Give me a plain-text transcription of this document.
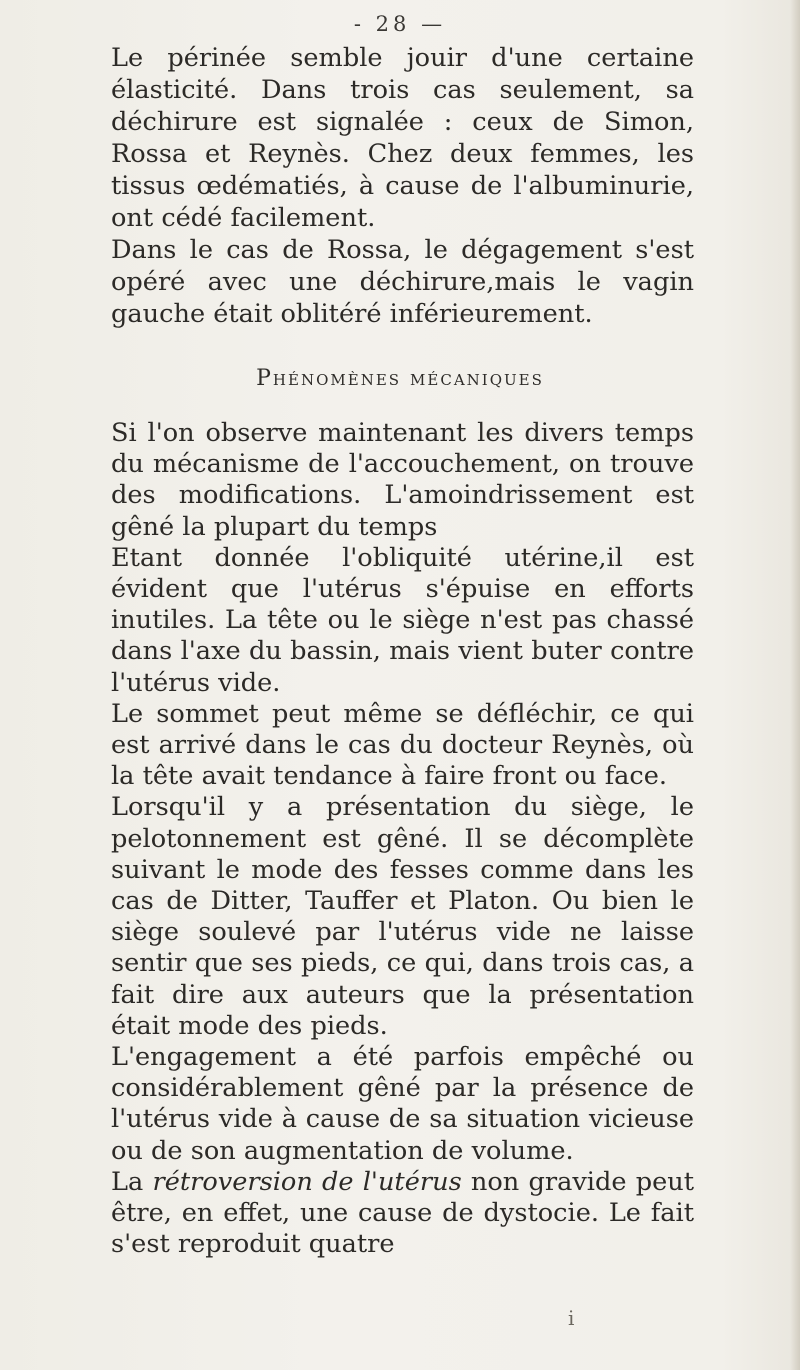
- 28 —

Le périnée semble jouir d'une certaine élasticité. Dans trois cas seulement, sa déchirure est signalée : ceux de Simon, Rossa et Reynès. Chez deux femmes, les tissus œdématiés, à cause de l'albuminurie, ont cédé facilement.

Dans le cas de Rossa, le dégagement s'est opéré avec une déchirure,mais le vagin gauche était oblitéré inférieurement.

Phénomènes mécaniques

Si l'on observe maintenant les divers temps du mécanisme de l'accouchement, on trouve des modifications. L'amoindrissement est gêné la plupart du temps

Etant donnée l'obliquité utérine,il est évident que l'utérus s'épuise en efforts inutiles. La tête ou le siège n'est pas chassé dans l'axe du bassin, mais vient buter contre l'utérus vide.

Le sommet peut même se défléchir, ce qui est arrivé dans le cas du docteur Reynès, où la tête avait tendance à faire front ou face.

Lorsqu'il y a présentation du siège, le pelotonnement est gêné. Il se décomplète suivant le mode des fesses comme dans les cas de Ditter, Tauffer et Platon. Ou bien le siège soulevé par l'utérus vide ne laisse sentir que ses pieds, ce qui, dans trois cas, a fait dire aux auteurs que la présentation était mode des pieds.

L'engagement a été parfois empêché ou considérablement gêné par la présence de l'utérus vide à cause de sa situation vicieuse ou de son augmentation de volume.

La rétroversion de l'utérus non gravide peut être, en effet, une cause de dystocie. Le fait s'est reproduit quatre

i
